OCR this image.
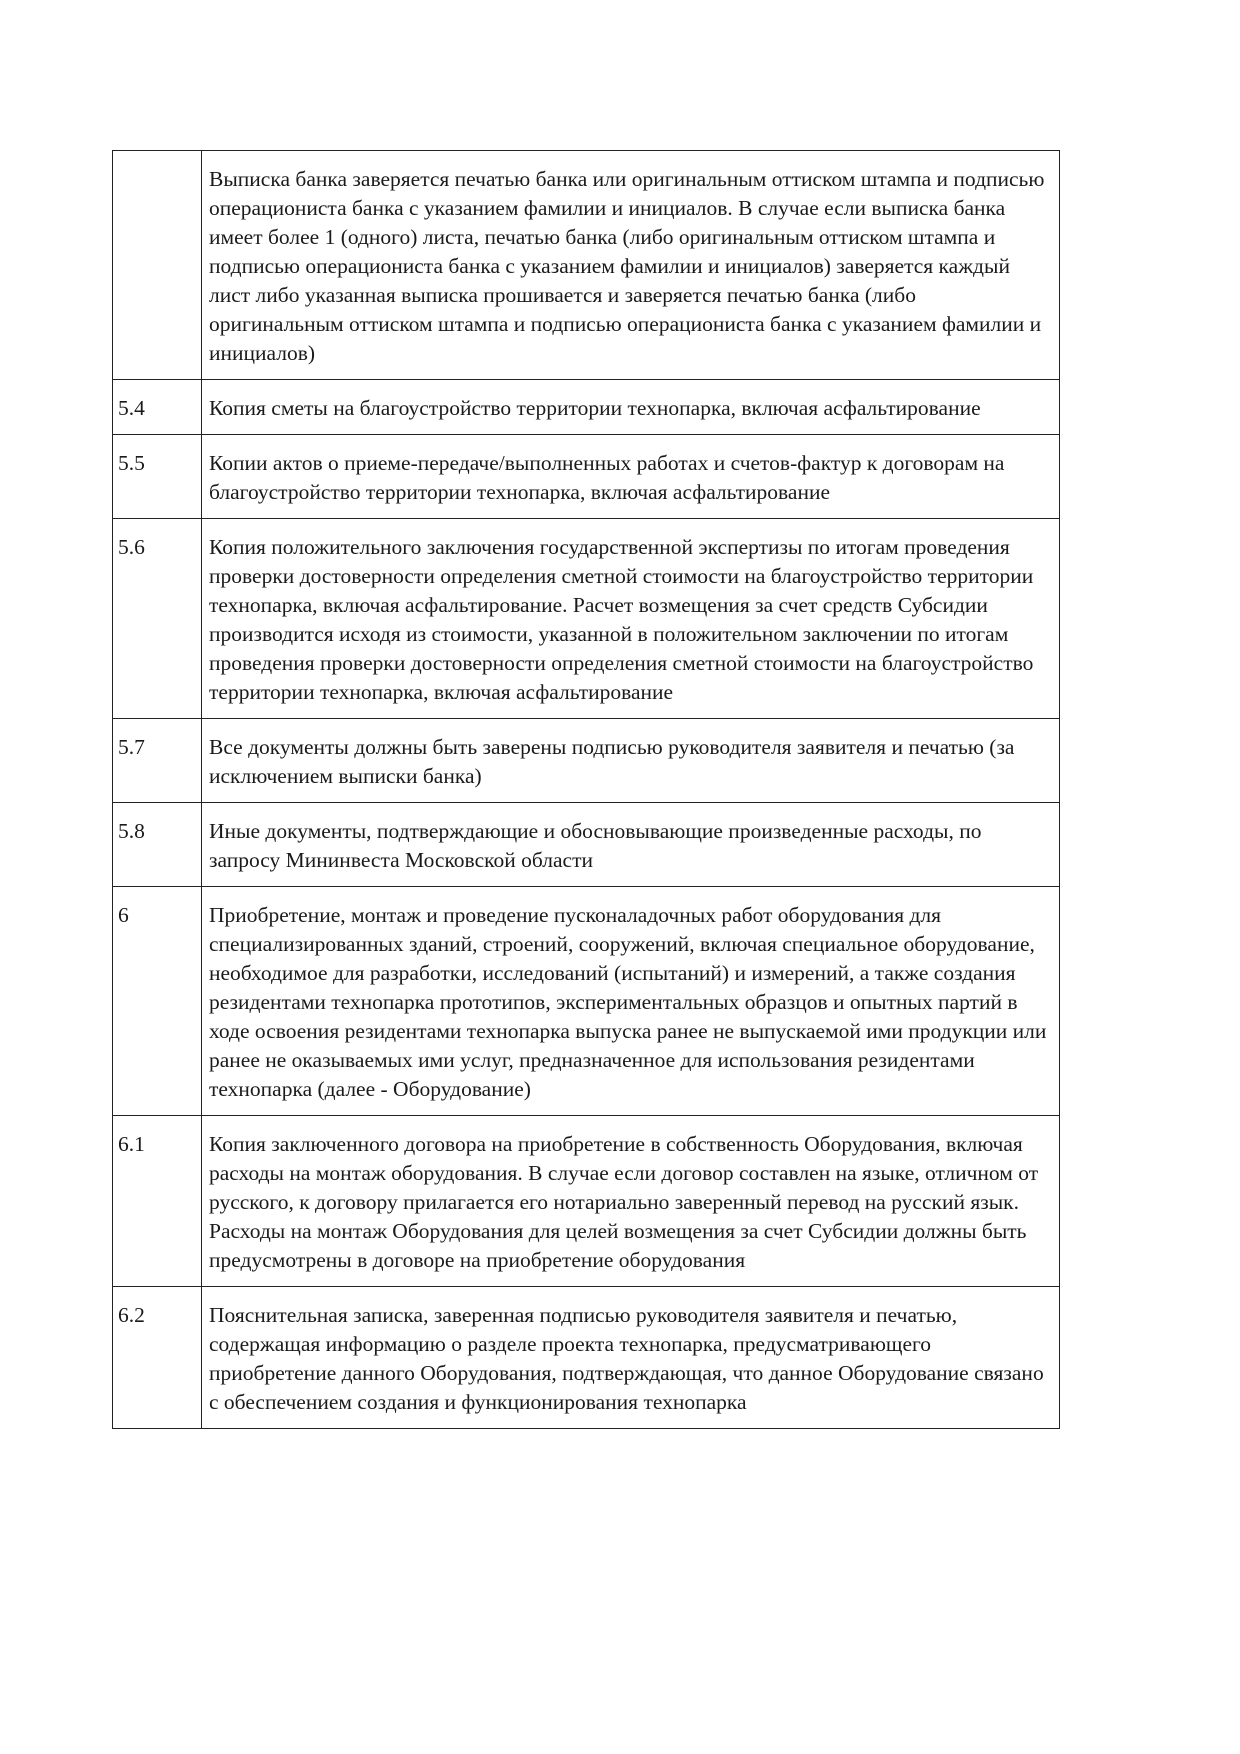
	Выписка банка заверяется печатью банка или оригинальным оттиском штампа и подписью операциониста банка с указанием фамилии и инициалов. В случае если выписка банка имеет более 1 (одного) листа, печатью банка (либо оригинальным оттиском штампа и подписью операциониста банка с указанием фамилии и инициалов) заверяется каждый лист либо указанная выписка прошивается и заверяется печатью банка (либо оригинальным оттиском штампа и подписью операциониста банка с указанием фамилии и инициалов)

5.4	Копия сметы на благоустройство территории технопарка, включая асфальтирование

5.5	Копии актов о приеме-передаче/выполненных работах и счетов-фактур к договорам на благоустройство территории технопарка, включая асфальтирование

5.6	Копия положительного заключения государственной экспертизы по итогам проведения проверки достоверности определения сметной стоимости на благоустройство территории технопарка, включая асфальтирование. Расчет возмещения за счет средств Субсидии производится исходя из стоимости, указанной в положительном заключении по итогам проведения проверки достоверности определения сметной стоимости на благоустройство территории технопарка, включая асфальтирование

5.7	Все документы должны быть заверены подписью руководителя заявителя и печатью (за исключением выписки банка)

5.8	Иные документы, подтверждающие и обосновывающие произведенные расходы, по запросу Мининвеста Московской области

6	Приобретение, монтаж и проведение пусконаладочных работ оборудования для специализированных зданий, строений, сооружений, включая специальное оборудование, необходимое для разработки, исследований (испытаний) и измерений, а также создания резидентами технопарка прототипов, экспериментальных образцов и опытных партий в ходе освоения резидентами технопарка выпуска ранее не выпускаемой ими продукции или ранее не оказываемых ими услуг, предназначенное для использования резидентами технопарка (далее - Оборудование)

6.1	Копия заключенного договора на приобретение в собственность Оборудования, включая расходы на монтаж оборудования. В случае если договор составлен на языке, отличном от русского, к договору прилагается его нотариально заверенный перевод на русский язык.
Расходы на монтаж Оборудования для целей возмещения за счет Субсидии должны быть предусмотрены в договоре на приобретение оборудования

6.2	Пояснительная записка, заверенная подписью руководителя заявителя и печатью, содержащая информацию о разделе проекта технопарка, предусматривающего приобретение данного Оборудования, подтверждающая, что данное Оборудование связано с обеспечением создания и функционирования технопарка
